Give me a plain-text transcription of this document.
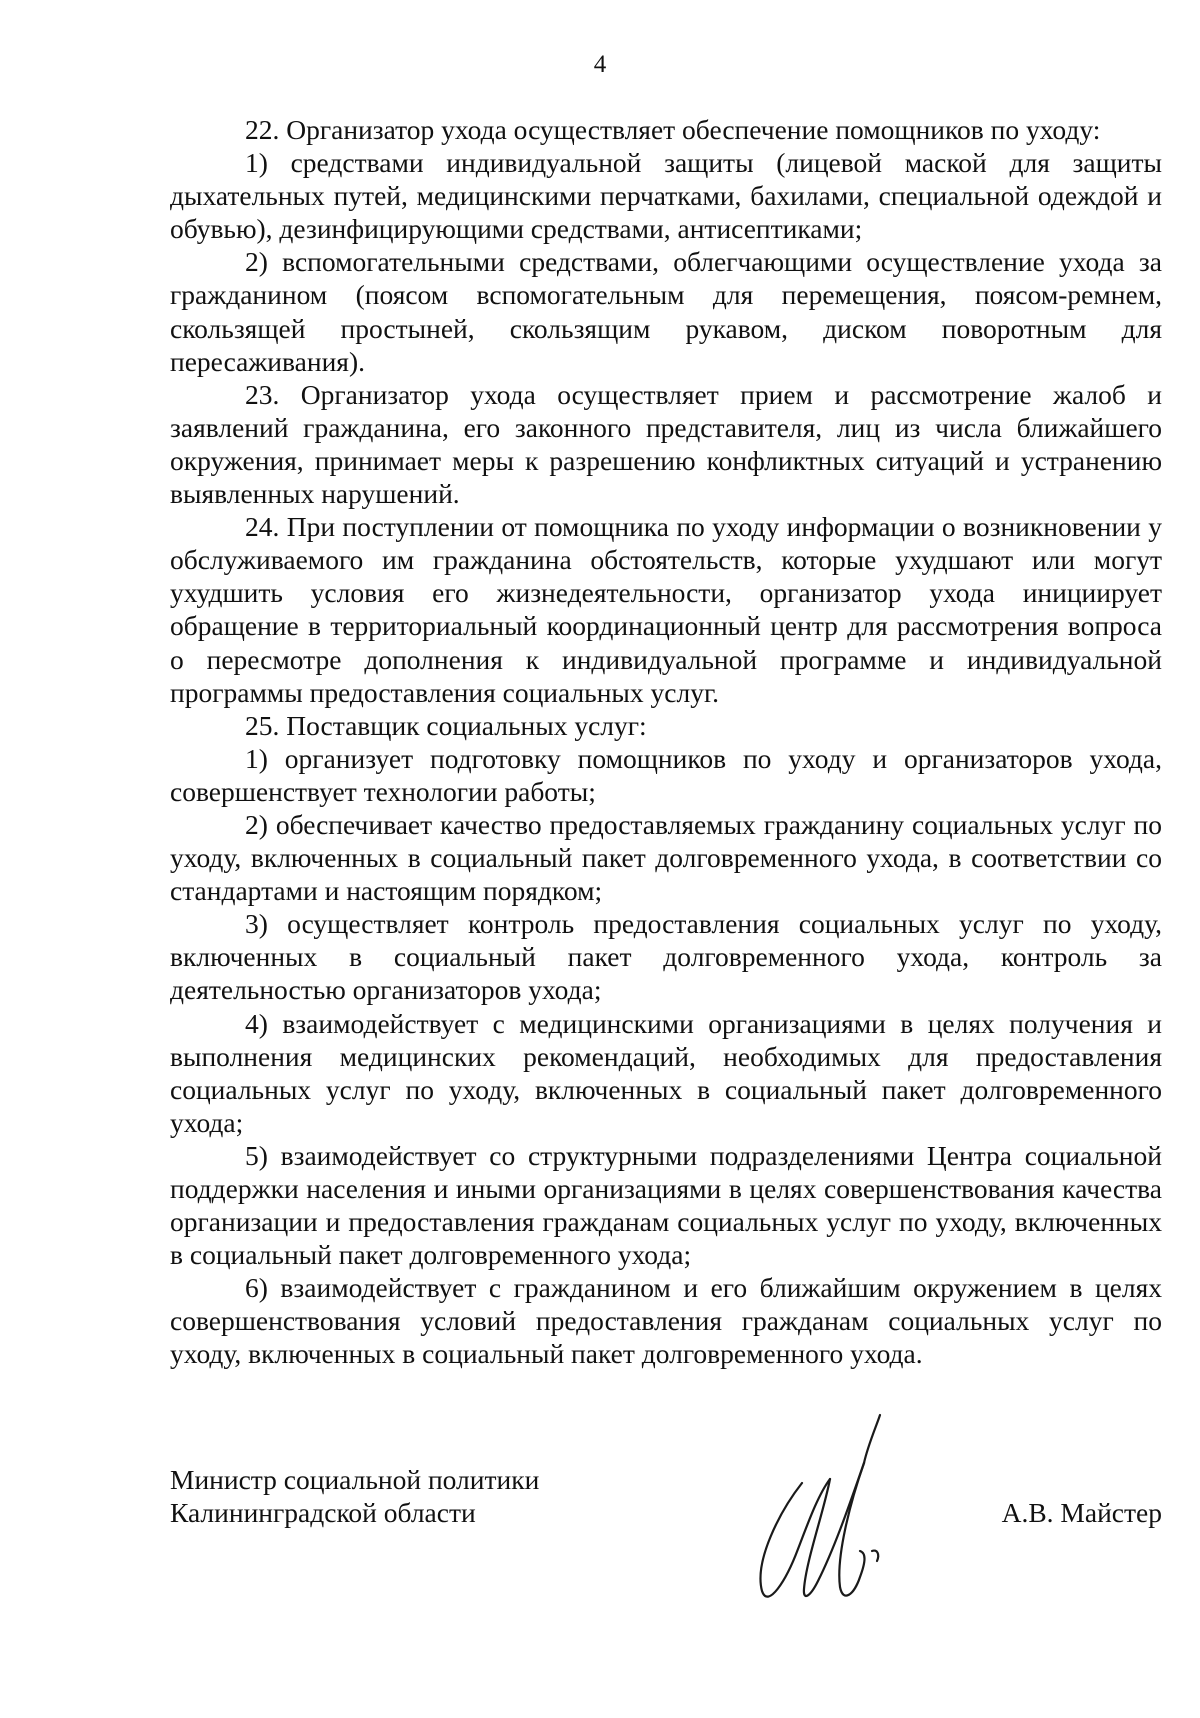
4

22. Организатор ухода осуществляет обеспечение помощников по уходу:

1) средствами индивидуальной защиты (лицевой маской для защиты дыхательных путей, медицинскими перчатками, бахилами, специальной одеждой и обувью), дезинфицирующими средствами, антисептиками;

2) вспомогательными средствами, облегчающими осуществление ухода за гражданином (поясом вспомогательным для перемещения, поясом-ремнем, скользящей простыней, скользящим рукавом, диском поворотным для пересаживания).

23. Организатор ухода осуществляет прием и рассмотрение жалоб и заявлений гражданина, его законного представителя, лиц из числа ближайшего окружения, принимает меры к разрешению конфликтных ситуаций и устранению выявленных нарушений.

24. При поступлении от помощника по уходу информации о возникновении у обслуживаемого им гражданина обстоятельств, которые ухудшают или могут ухудшить условия его жизнедеятельности, организатор ухода инициирует обращение в территориальный координационный центр для рассмотрения вопроса о пересмотре дополнения к индивидуальной программе и индивидуальной программы предоставления социальных услуг.

25. Поставщик социальных услуг:

1) организует подготовку помощников по уходу и организаторов ухода, совершенствует технологии работы;

2) обеспечивает качество предоставляемых гражданину социальных услуг по уходу, включенных в социальный пакет долговременного ухода, в соответствии со стандартами и настоящим порядком;

3) осуществляет контроль предоставления социальных услуг по уходу, включенных в социальный пакет долговременного ухода, контроль за деятельностью организаторов ухода;

4) взаимодействует с медицинскими организациями в целях получения и выполнения медицинских рекомендаций, необходимых для предоставления социальных услуг по уходу, включенных в социальный пакет долговременного ухода;

5) взаимодействует со структурными подразделениями Центра социальной поддержки населения и иными организациями в целях совершенствования качества организации и предоставления гражданам социальных услуг по уходу, включенных в социальный пакет долговременного ухода;

6) взаимодействует с гражданином и его ближайшим окружением в целях совершенствования условий предоставления гражданам социальных услуг по уходу, включенных в социальный пакет долговременного ухода.

Министр социальной политики
Калининградской области	А.В. Майстер
